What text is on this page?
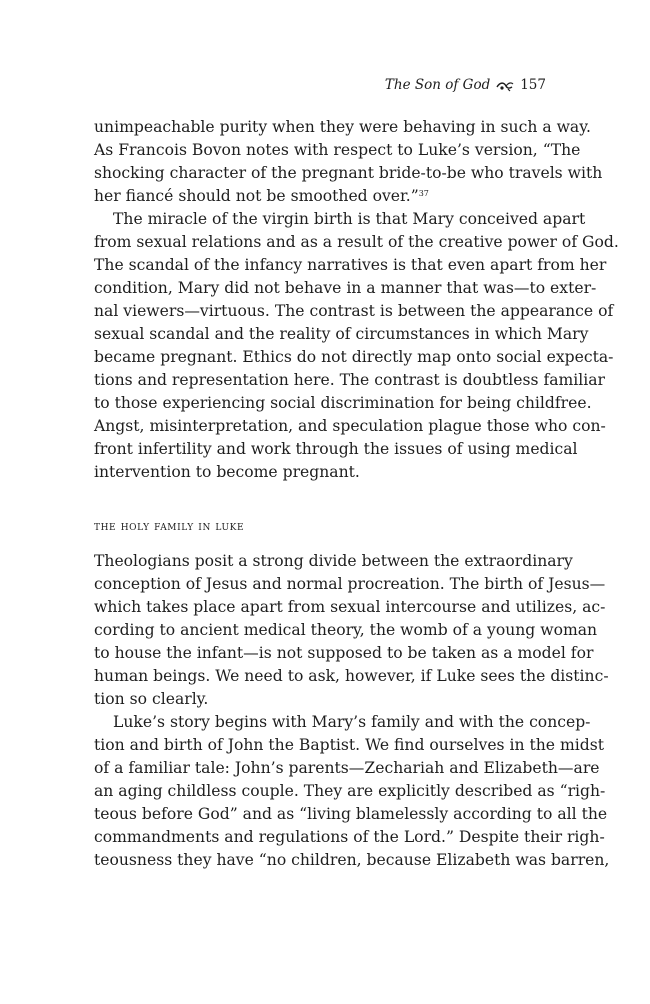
The Son of God 157
unimpeachable purity when they were behaving in such a way.
As Francois Bovon notes with respect to Luke’s version, “The
shocking character of the pregnant bride-to-be who travels with
her fiancé should not be smoothed over.”$^{37}$
The miracle of the virgin birth is that Mary conceived apart
from sexual relations and as a result of the creative power of God.
The scandal of the infancy narratives is that even apart from her
condition, Mary did not behave in a manner that was—to exter-
nal viewers—virtuous. The contrast is between the appearance of
sexual scandal and the reality of circumstances in which Mary
became pregnant. Ethics do not directly map onto social expecta-
tions and representation here. The contrast is doubtless familiar
to those experiencing social discrimination for being childfree.
Angst, misinterpretation, and speculation plague those who con-
front infertility and work through the issues of using medical
intervention to become pregnant.
the holy family in luke
Theologians posit a strong divide between the extraordinary
conception of Jesus and normal procreation. The birth of Jesus—
which takes place apart from sexual intercourse and utilizes, ac-
cording to ancient medical theory, the womb of a young woman
to house the infant—is not supposed to be taken as a model for
human beings. We need to ask, however, if Luke sees the distinc-
tion so clearly.
Luke’s story begins with Mary’s family and with the concep-
tion and birth of John the Baptist. We find ourselves in the midst
of a familiar tale: John’s parents—Zechariah and Elizabeth—are
an aging childless couple. They are explicitly described as “righ-
teous before God” and as “living blamelessly according to all the
commandments and regulations of the Lord.” Despite their righ-
teousness they have “no children, because Elizabeth was barren,
